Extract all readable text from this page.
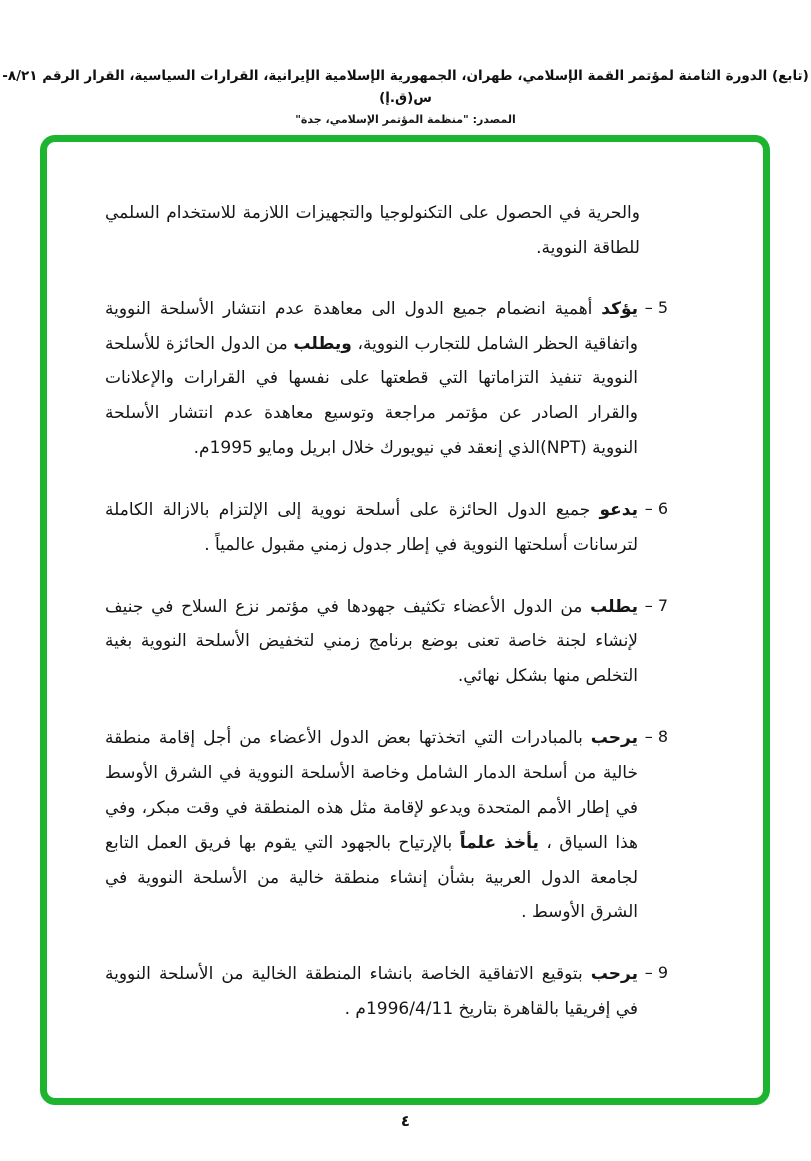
(تابع) الدورة الثامنة لمؤتمر القمة الإسلامي، طهران، الجمهورية الإسلامية الإيرانية، القرارات السياسية، القرار الرقم ٨/٢١-س(ق.إ)
المصدر: "منظمة المؤتمر الإسلامي، جدة"

والحرية في الحصول على التكنولوجيا والتجهيزات اللازمة للاستخدام السلمي للطاقة النووية.

5 –

يؤكد أهمية انضمام جميع الدول الى معاهدة عدم انتشار الأسلحة النووية واتفاقية الحظر الشامل للتجارب النووية، ويطلب من الدول الحائزة للأسلحة النووية تنفيذ التزاماتها التي قطعتها على نفسها في القرارات والإعلانات والقرار الصادر عن مؤتمر مراجعة وتوسيع معاهدة عدم انتشار الأسلحة النووية (NPT)الذي إنعقد في نيويورك خلال ابريل ومايو 1995م.

6 –

يدعو جميع الدول الحائزة على أسلحة نووية إلى الإلتزام بالازالة الكاملة لترسانات أسلحتها النووية في إطار جدول زمني مقبول عالمياً .

7 –

يطلب من الدول الأعضاء تكثيف جهودها في مؤتمر نزع السلاح في جنيف لإنشاء لجنة خاصة تعنى بوضع برنامج زمني لتخفيض الأسلحة النووية بغية التخلص منها بشكل نهائي.

8 –

يرحب بالمبادرات التي اتخذتها بعض الدول الأعضاء من أجل إقامة منطقة خالية من أسلحة الدمار الشامل وخاصة الأسلحة النووية في الشرق الأوسط في إطار الأمم المتحدة ويدعو لإقامة مثل هذه المنطقة في وقت مبكر، وفي هذا السياق ، يأخذ علماً بالإرتياح بالجهود التي يقوم بها فريق العمل التابع لجامعة الدول العربية بشأن إنشاء منطقة خالية من الأسلحة النووية في الشرق الأوسط .

9 –

يرحب بتوقيع الاتفاقية الخاصة بانشاء المنطقة الخالية من الأسلحة النووية في إفريقيا بالقاهرة بتاريخ 1996/4/11م .

٤
